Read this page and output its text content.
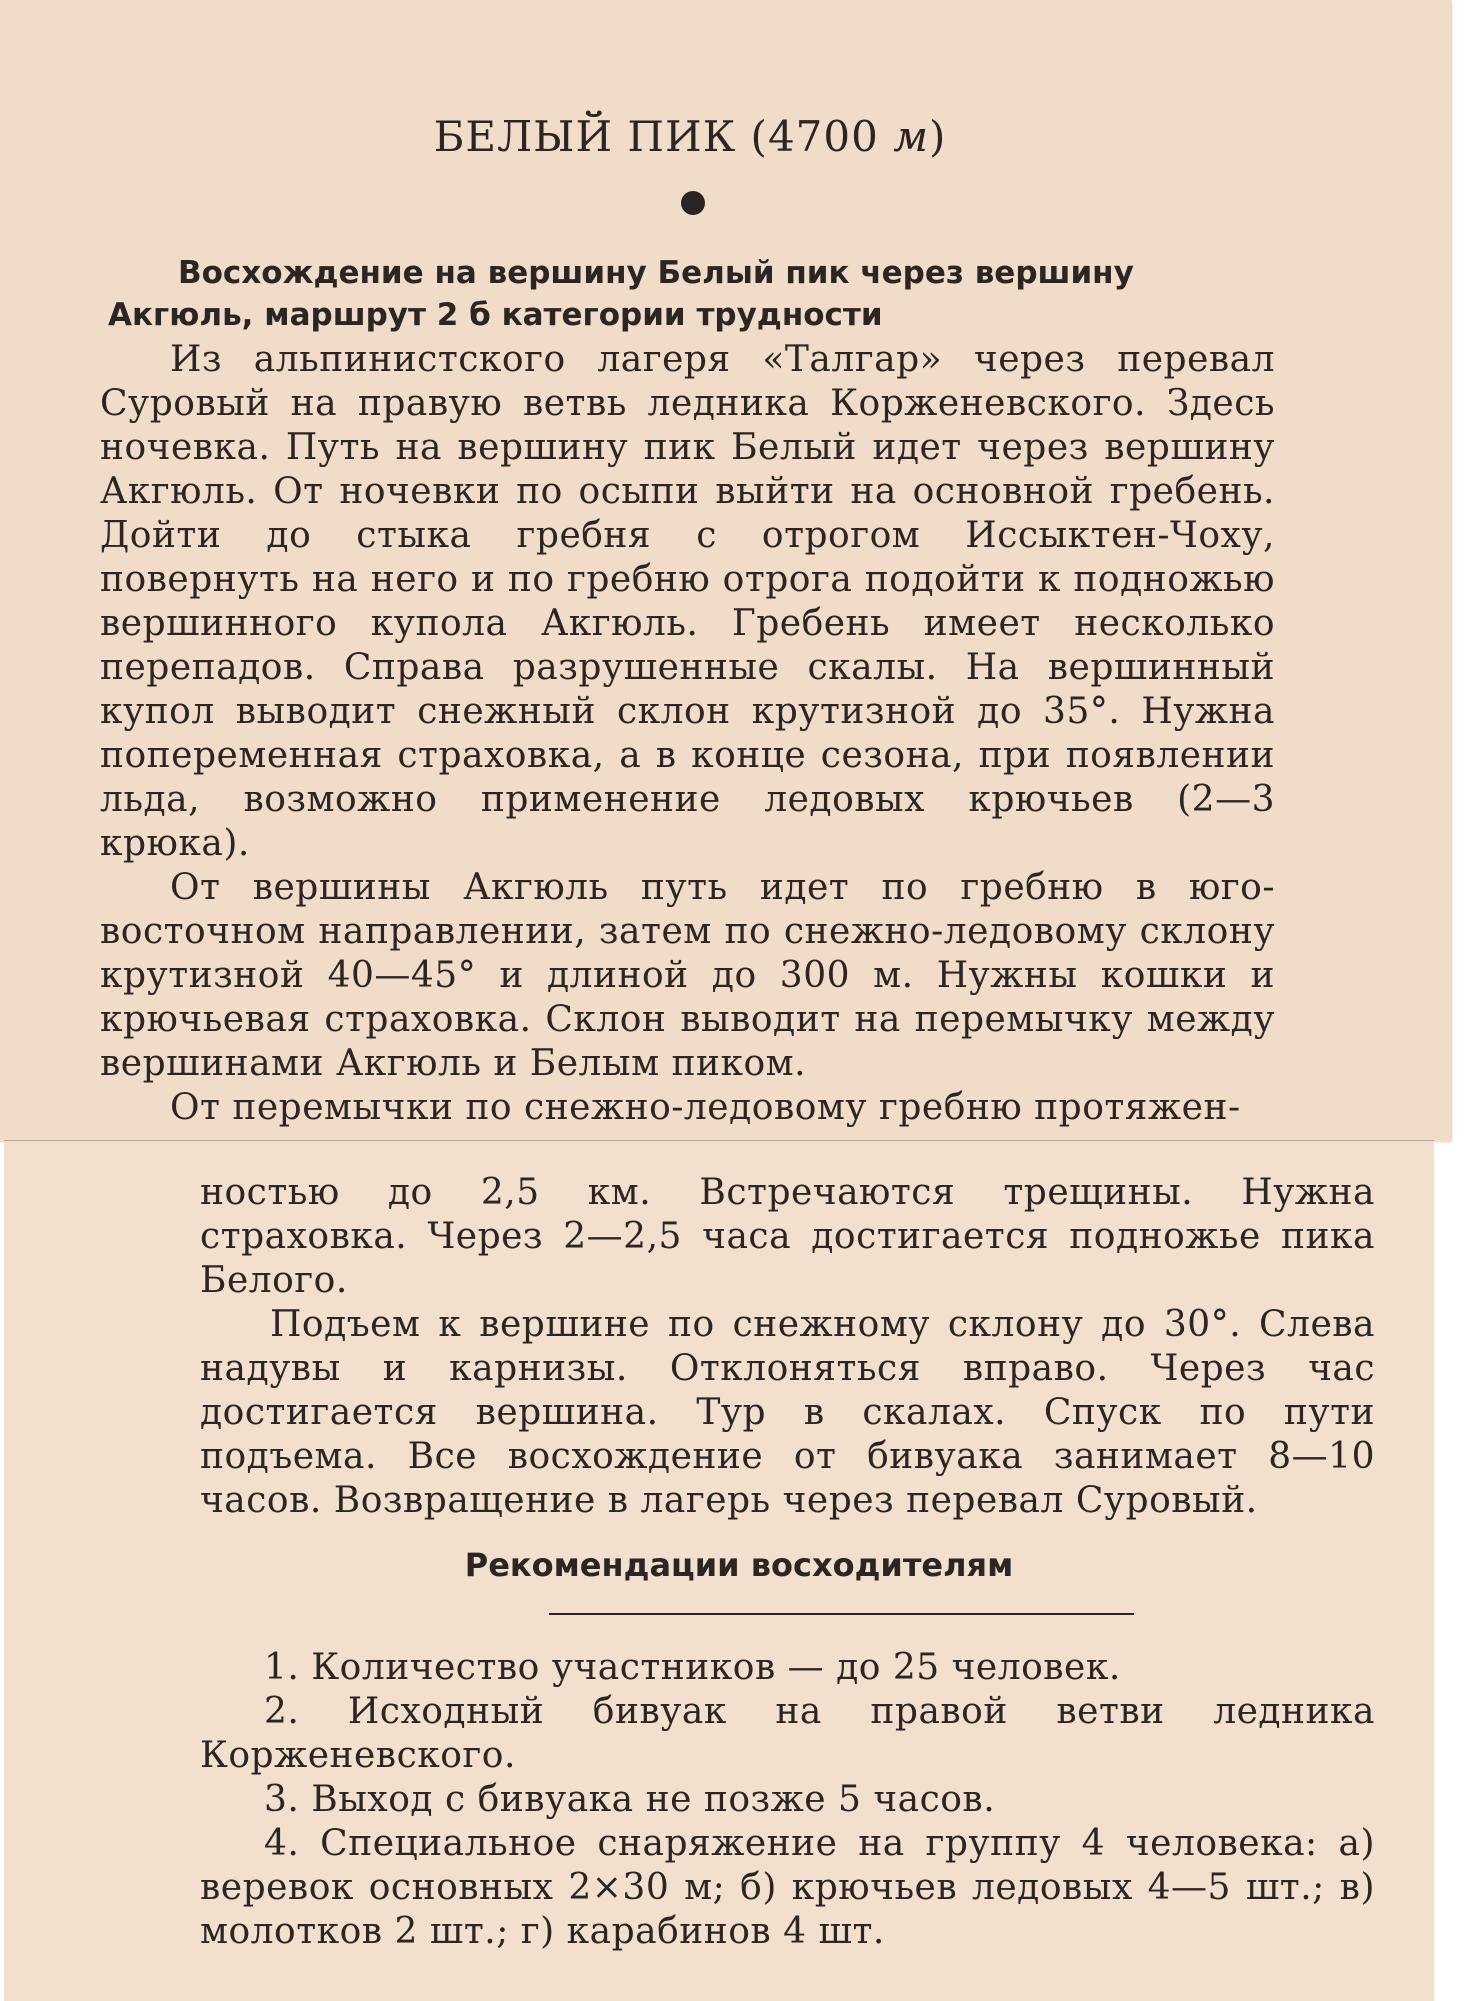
БЕЛЫЙ ПИК (4700 м)
Восхождение на вершину Белый пик через вершину
Акгюль, маршрут 2 б категории трудности

Из альпинистского лагеря «Талгар» через перевал Суровый на правую ветвь ледника Корженевского. Здесь ночевка. Путь на вершину пик Белый идет через вершину Акгюль. От ночевки по осыпи выйти на основной гребень. Дойти до стыка гребня с отрогом Иссыктен-Чоху, повернуть на него и по гребню отрога подойти к подножью вершинного купола Акгюль. Гребень имеет несколько перепадов. Справа разрушенные скалы. На вершинный купол выводит снежный склон крутизной до 35°. Нужна попеременная страховка, а в конце сезона, при появлении льда, возможно применение ледовых крючьев (2—3 крюка).

От вершины Акгюль путь идет по гребню в юго-восточном направлении, затем по снежно-ледовому склону крутизной 40—45° и длиной до 300 м. Нужны кошки и крючьевая страховка. Склон выводит на перемычку между вершинами Акгюль и Белым пиком.

От перемычки по снежно-ледовому гребню протяжен-

ностью до 2,5 км. Встречаются трещины. Нужна страховка. Через 2—2,5 часа достигается подножье пика Белого.

Подъем к вершине по снежному склону до 30°. Слева надувы и карнизы. Отклоняться вправо. Через час достигается вершина. Тур в скалах. Спуск по пути подъема. Все восхождение от бивуака занимает 8—10 часов. Возвращение в лагерь через перевал Суровый.

Рекомендации восходителям

1. Количество участников — до 25 человек.

2. Исходный бивуак на правой ветви ледника Корженевского.

3. Выход с бивуака не позже 5 часов.

4. Специальное снаряжение на группу 4 человека: а) веревок основных 2×30 м; б) крючьев ледовых 4—5 шт.; в) молотков 2 шт.; г) карабинов 4 шт.
